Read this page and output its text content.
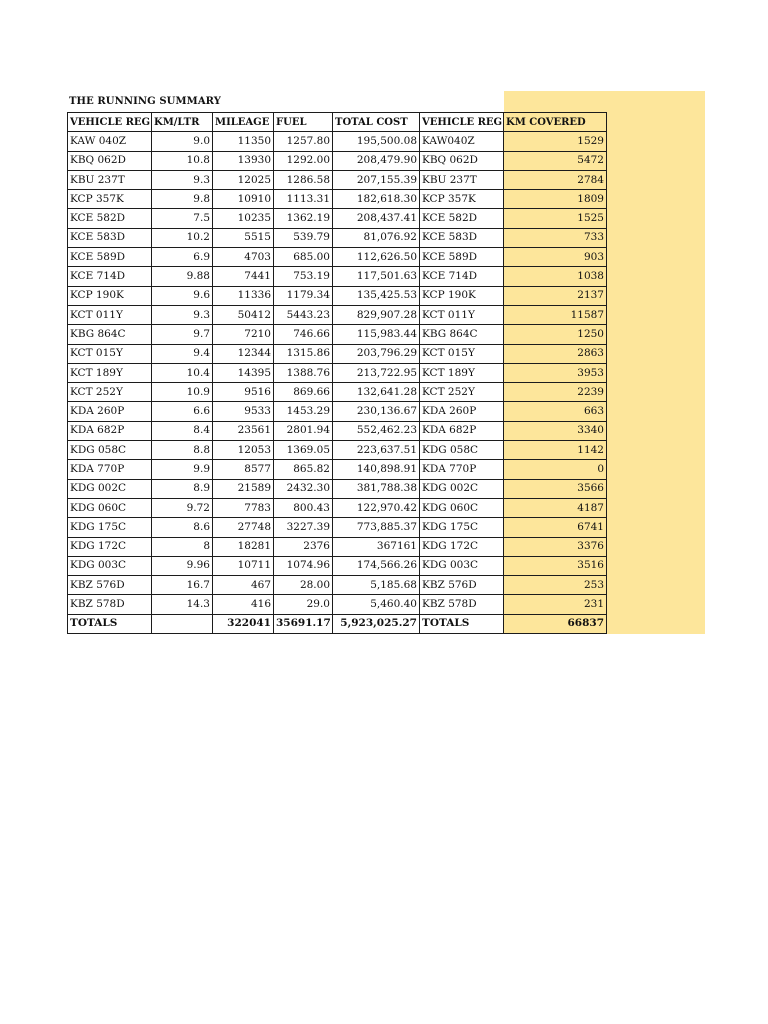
THE RUNNING SUMMARY
VEHICLE REG	KM/LTR	MILEAGE	FUEL	TOTAL COST	VEHICLE REG	KM COVERED
KAW 040Z	9.0	11350	1257.80	195,500.08	KAW040Z	1529
KBQ 062D	10.8	13930	1292.00	208,479.90	KBQ 062D	5472
KBU 237T	9.3	12025	1286.58	207,155.39	KBU 237T	2784
KCP 357K	9.8	10910	1113.31	182,618.30	KCP 357K	1809
KCE 582D	7.5	10235	1362.19	208,437.41	KCE 582D	1525
KCE 583D	10.2	5515	539.79	81,076.92	KCE 583D	733
KCE 589D	6.9	4703	685.00	112,626.50	KCE 589D	903
KCE 714D	9.88	7441	753.19	117,501.63	KCE 714D	1038
KCP 190K	9.6	11336	1179.34	135,425.53	KCP 190K	2137
KCT 011Y	9.3	50412	5443.23	829,907.28	KCT 011Y	11587
KBG 864C	9.7	7210	746.66	115,983.44	KBG 864C	1250
KCT 015Y	9.4	12344	1315.86	203,796.29	KCT 015Y	2863
KCT 189Y	10.4	14395	1388.76	213,722.95	KCT 189Y	3953
KCT 252Y	10.9	9516	869.66	132,641.28	KCT 252Y	2239
KDA 260P	6.6	9533	1453.29	230,136.67	KDA 260P	663
KDA 682P	8.4	23561	2801.94	552,462.23	KDA 682P	3340
KDG 058C	8.8	12053	1369.05	223,637.51	KDG 058C	1142
KDA 770P	9.9	8577	865.82	140,898.91	KDA 770P	0
KDG 002C	8.9	21589	2432.30	381,788.38	KDG 002C	3566
KDG 060C	9.72	7783	800.43	122,970.42	KDG 060C	4187
KDG 175C	8.6	27748	3227.39	773,885.37	KDG 175C	6741
KDG 172C	8	18281	2376	367161	KDG 172C	3376
KDG 003C	9.96	10711	1074.96	174,566.26	KDG 003C	3516
KBZ 576D	16.7	467	28.00	5,185.68	KBZ 576D	253
KBZ 578D	14.3	416	29.0	5,460.40	KBZ 578D	231
TOTALS		322041	35691.17	5,923,025.27	TOTALS	66837
